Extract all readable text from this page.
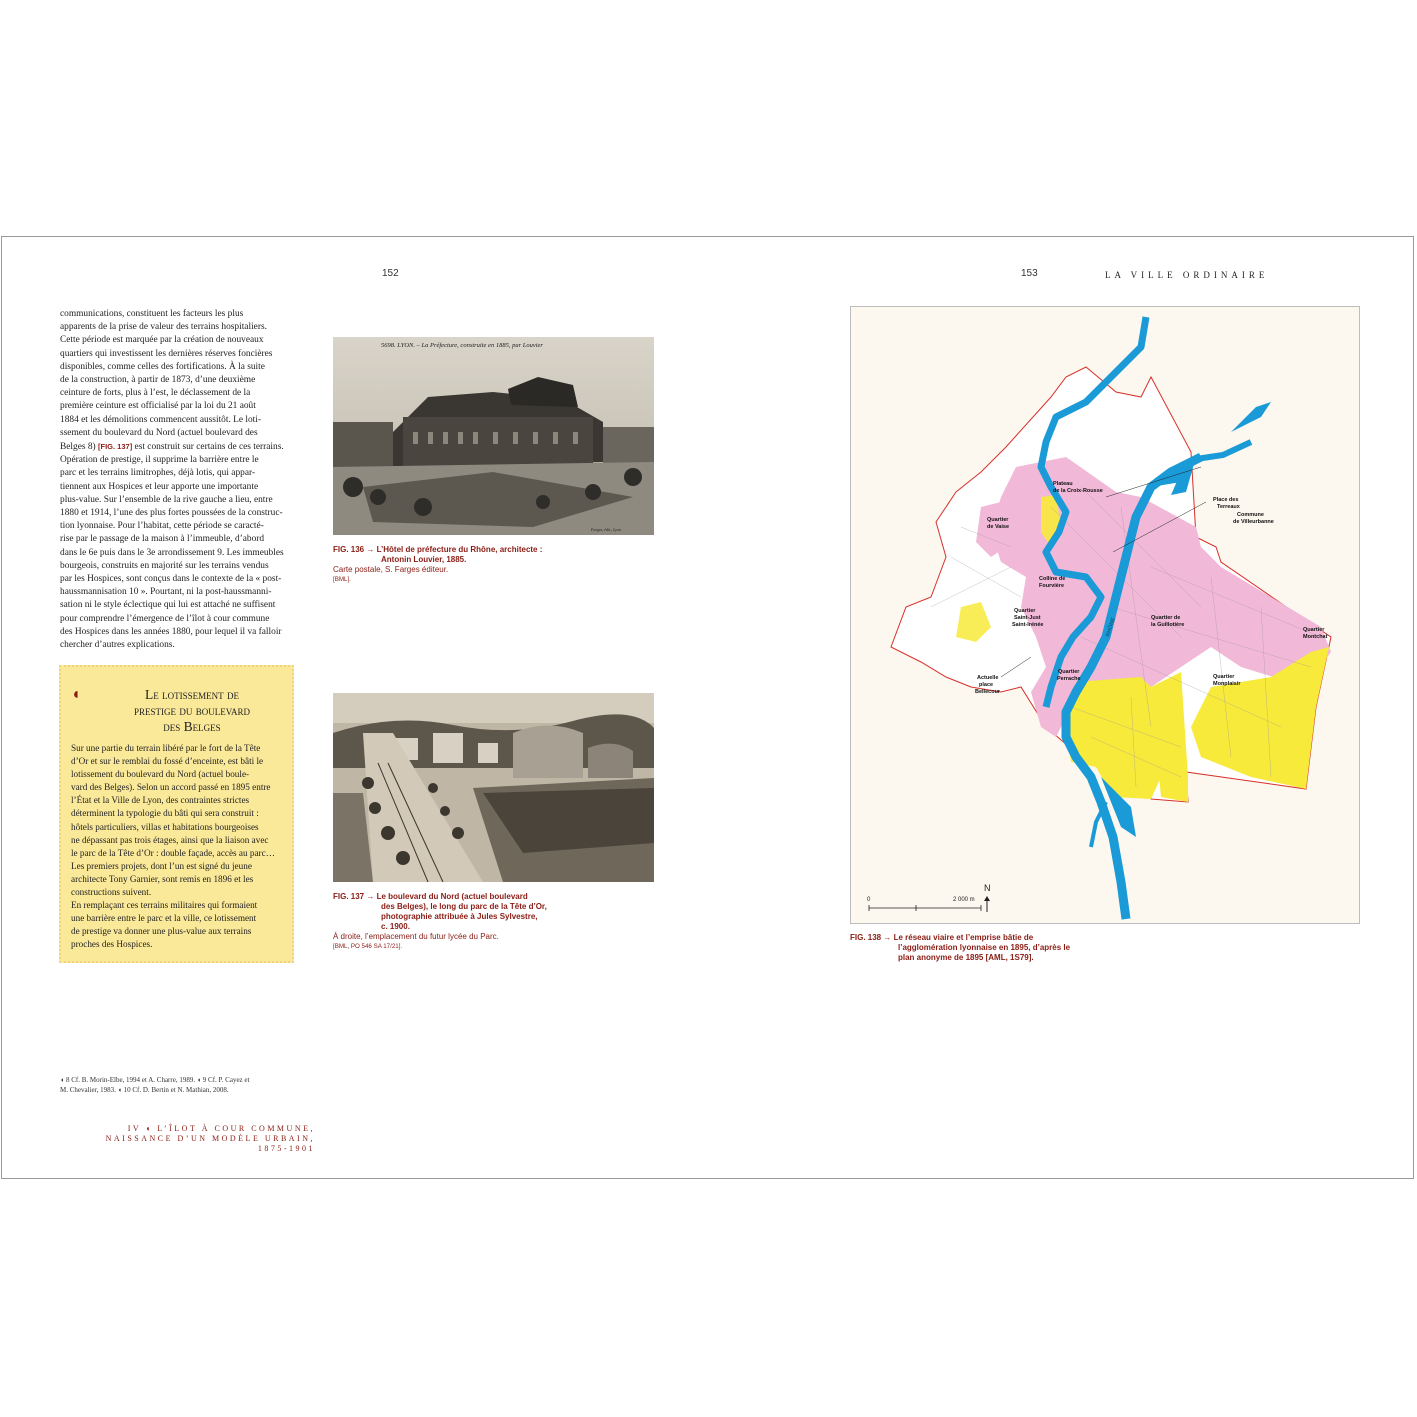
152

communications, constituent les facteurs les plus

apparents de la prise de valeur des terrains hospitaliers.

Cette période est marquée par la création de nouveaux

quartiers qui investissent les dernières réserves foncières

disponibles, comme celles des fortifications. À la suite

de la construction, à partir de 1873, d’une deuxième

ceinture de forts, plus à l’est, le déclassement de la

première ceinture est officialisé par la loi du 21 août

1884 et les démolitions commencent aussitôt. Le loti-

ssement du boulevard du Nord (actuel boulevard des

Belges 8) [FIG. 137] est construit sur certains de ces terrains.

Opération de prestige, il supprime la barrière entre le

parc et les terrains limitrophes, déjà lotis, qui appar-

tiennent aux Hospices et leur apporte une importante

plus-value. Sur l’ensemble de la rive gauche a lieu, entre

1880 et 1914, l’une des plus fortes poussées de la construc-

tion lyonnaise. Pour l’habitat, cette période se caracté-

rise par le passage de la maison à l’immeuble, d’abord

dans le 6e puis dans le 3e arrondissement 9. Les immeubles

bourgeois, construits en majorité sur les terrains vendus

par les Hospices, sont conçus dans le contexte de la « post-

haussmannisation 10 ». Pourtant, ni la post-haussmanni-

sation ni le style éclectique qui lui est attaché ne suffisent

pour comprendre l’émergence de l’îlot à cour commune

des Hospices dans les années 1880, pour lequel il va falloir

chercher d’autres explications.

◖	Le lotissement de
prestige du boulevard
des Belges

Sur une partie du terrain libéré par le fort de la Tête

d’Or et sur le remblai du fossé d’enceinte, est bâti le

lotissement du boulevard du Nord (actuel boule-

vard des Belges). Selon un accord passé en 1895 entre

l’État et la Ville de Lyon, des contraintes strictes

déterminent la typologie du bâti qui sera construit :

hôtels particuliers, villas et habitations bourgeoises

ne dépassant pas trois étages, ainsi que la liaison avec

le parc de la Tête d’Or : double façade, accès au parc…

Les premiers projets, dont l’un est signé du jeune

architecte Tony Garnier, sont remis en 1896 et les

constructions suivent.

En remplaçant ces terrains militaires qui formaient

une barrière entre le parc et la ville, ce lotissement

de prestige va donner une plus-value aux terrains

proches des Hospices.

◖ 8 Cf. B. Morin-Elbe, 1994 et A. Charre, 1989. ◖ 9 Cf. P. Cayez et
M. Chevalier, 1983. ◖ 10 Cf. D. Bertin et N. Mathian, 2008.
IV ◖ L’ÎLOT À COUR COMMUNE,
NAISSANCE D’UN MODÈLE URBAIN,
1875-1901
5698. LYON. – La Préfecture, construite en 1885, par Louvier
Farges, édit., Lyon
FIG. 136 → L’Hôtel de préfecture du Rhône, architecte :
Antonin Louvier, 1885.
Carte postale, S. Farges éditeur.
[BML].
FIG. 137 → Le boulevard du Nord (actuel boulevard
des Belges), le long du parc de la Tête d’Or,
photographie attribuée à Jules Sylvestre,
c. 1900.
À droite, l’emplacement du futur lycée du Parc.
[BML, PO 546 SA 17/21].
153	LA VILLE ORDINAIRE
Plateau
de la Croix-Rousse
Place des
Terreaux
Commune
de Villeurbanne
Quartier
de Vaise
Colline de
Fourvière
Quartier
Saint-Just
Saint-Irénée
Quartier de
la Guillotière
Quartier
Montchat
Quartier
Perrache	Quartier
Monplaisir
Actuelle
place
Bellecour
RHÔNE
0	2 000 m
N
FIG. 138 → Le réseau viaire et l’emprise bâtie de
l’agglomération lyonnaise en 1895, d’après le
plan anonyme de 1895 [AML, 1S79].
